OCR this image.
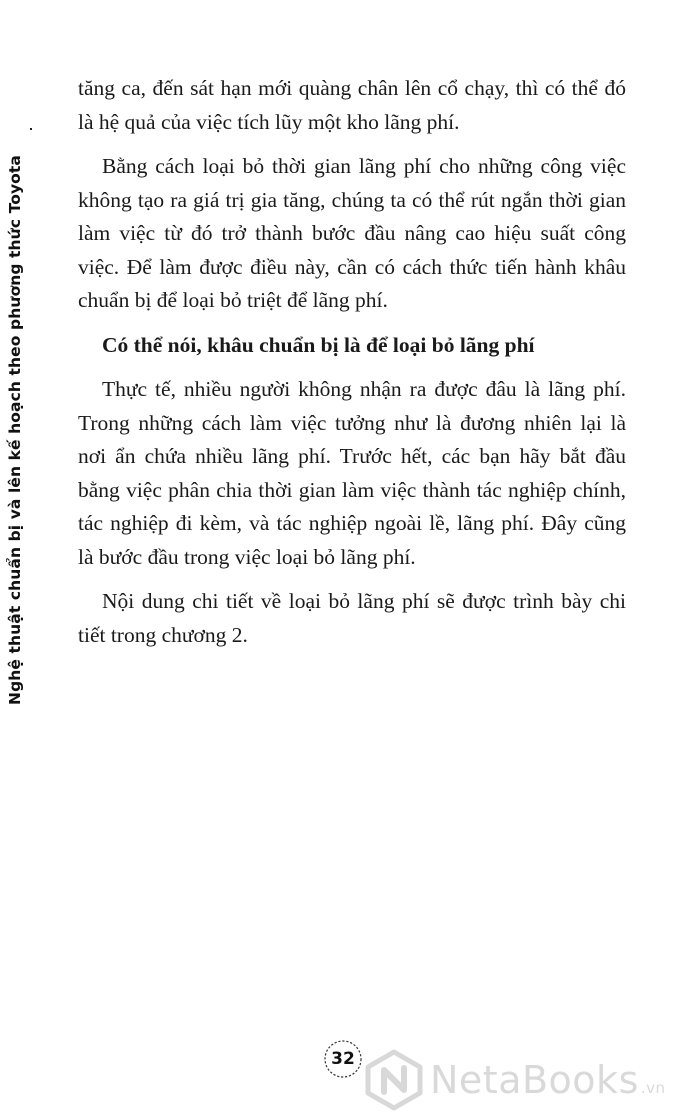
Nghệ thuật chuẩn bị và lên kế hoạch theo phương thức Toyota

tăng ca, đến sát hạn mới quàng chân lên cổ chạy, thì có thể đó
là hệ quả của việc tích lũy một kho lãng phí.

Bằng cách loại bỏ thời gian lãng phí cho những công việc
không tạo ra giá trị gia tăng, chúng ta có thể rút ngắn thời gian
làm việc từ đó trở thành bước đầu nâng cao hiệu suất công
việc. Để làm được điều này, cần có cách thức tiến hành khâu
chuẩn bị để loại bỏ triệt để lãng phí.

Có thể nói, khâu chuẩn bị là để loại bỏ lãng phí

Thực tế, nhiều người không nhận ra được đâu là lãng phí.
Trong những cách làm việc tưởng như là đương nhiên lại là
nơi ẩn chứa nhiều lãng phí. Trước hết, các bạn hãy bắt đầu
bằng việc phân chia thời gian làm việc thành tác nghiệp chính,
tác nghiệp đi kèm, và tác nghiệp ngoài lề, lãng phí. Đây cũng
là bước đầu trong việc loại bỏ lãng phí.

Nội dung chi tiết về loại bỏ lãng phí sẽ được trình bày chi
tiết trong chương 2.

32 NetaBooks .vn
